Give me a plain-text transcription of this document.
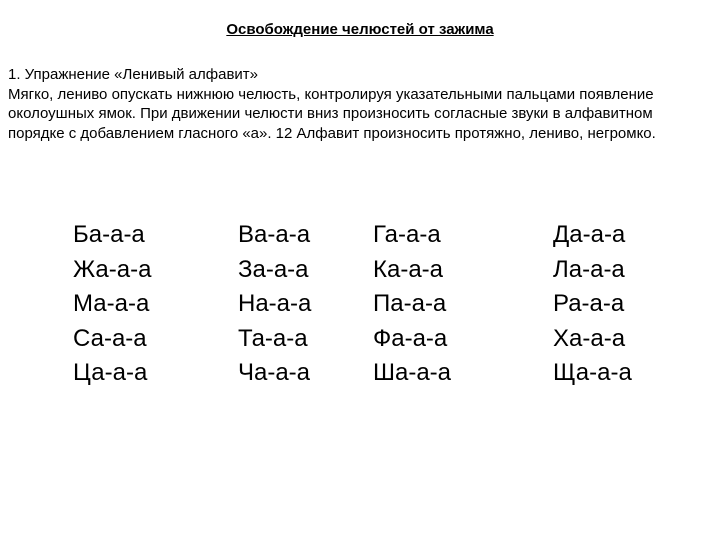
Освобождение челюстей от зажима

1. Упражнение «Ленивый алфавит»

Мягко, лениво опускать нижнюю челюсть, контролируя указательными пальцами появление околоушных ямок. При движении челюсти вниз произносить согласные звуки в алфавитном порядке с добавлением гласного «а». 12 Алфавит произносить протяжно, лениво, негромко.

Ба-а-а
Жа-а-а
Ма-а-а
Са-а-а
Ца-а-а
Ва-а-а
За-а-а
На-а-а
Та-а-а
Ча-а-а
Га-а-а
Ка-а-а
Па-а-а
Фа-а-а
Ша-а-а
Да-а-а
Ла-а-а
Ра-а-а
Ха-а-а
Ща-а-а
